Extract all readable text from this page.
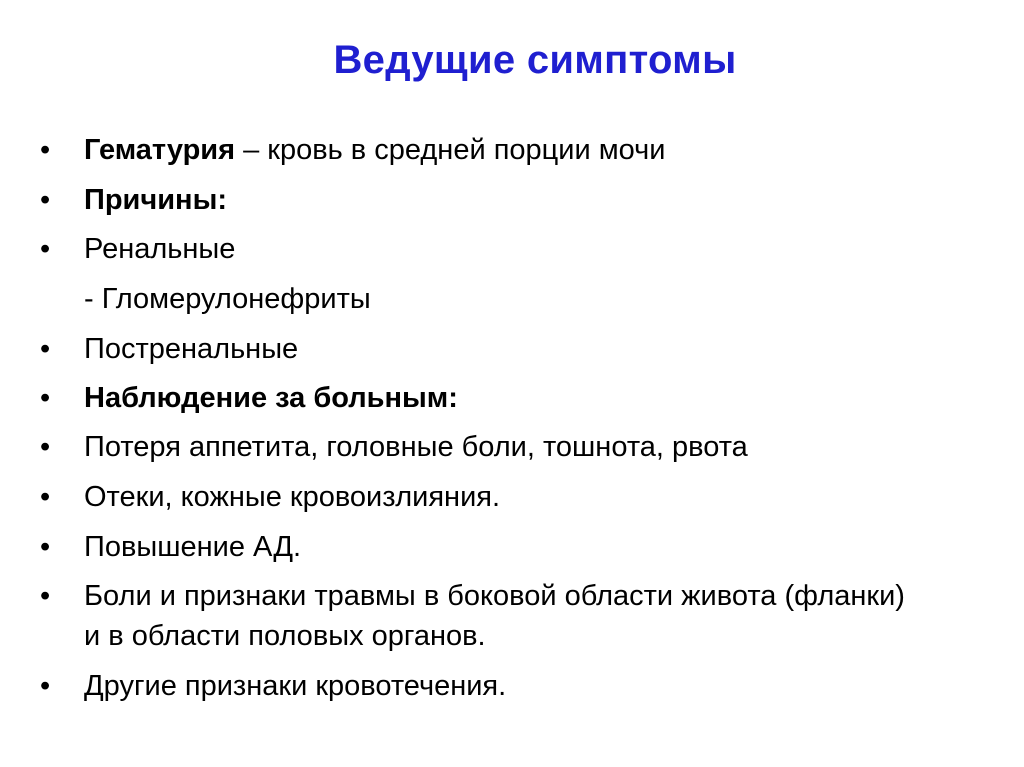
Ведущие симптомы
• Гематурия – кровь в средней порции мочи
• Причины:
• Ренальные
- Гломерулонефриты
• Постренальные
• Наблюдение за больным:
• Потеря аппетита, головные боли, тошнота, рвота
• Отеки, кожные кровоизлияния.
• Повышение АД.
• Боли и признаки травмы в боковой области живота (фланки) и в области половых органов.
• Другие признаки кровотечения.
